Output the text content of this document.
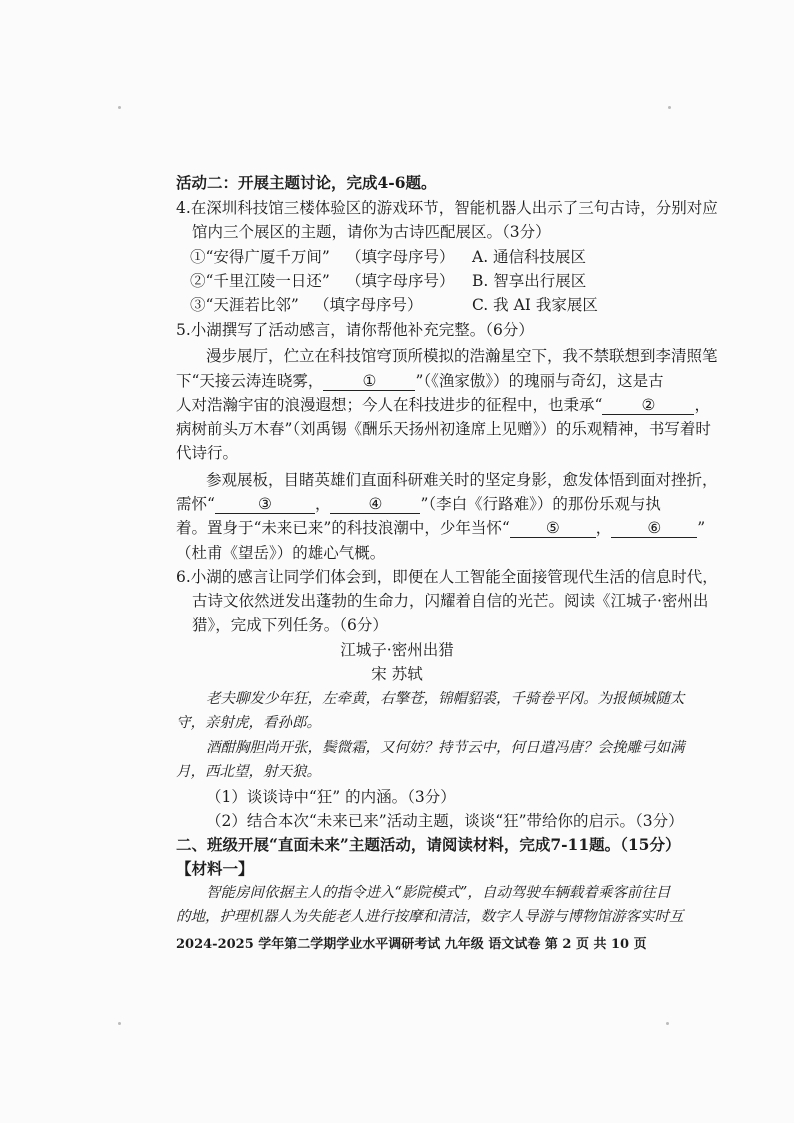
活动二：开展主题讨论，完成4-6题。
4.在深圳科技馆三楼体验区的游戏环节，智能机器人出示了三句古诗，分别对应
馆内三个展区的主题，请你为古诗匹配展区。（3分）
①“安得广厦千万间” （填字母序号） A. 通信科技展区
②“千里江陵一日还” （填字母序号） B. 智享出行展区
③“天涯若比邻” （填字母序号）	C. 我 AI 我家展区
5.小湖撰写了活动感言，请你帮他补充完整。（6分）
漫步展厅，伫立在科技馆穹顶所模拟的浩瀚星空下，我不禁联想到李清照笔
下“天接云涛连晓雾，	①	”（《渔家傲》）的瑰丽与奇幻，这是古
人对浩瀚宇宙的浪漫遐想；今人在科技进步的征程中，也秉承“	②	，
病树前头万木春”（刘禹锡《酬乐天扬州初逢席上见赠》）的乐观精神，书写着时
代诗行。
参观展板，目睹英雄们直面科研难关时的坚定身影，愈发体悟到面对挫折，
需怀“	③	， ④ ”（李白《行路难》）的那份乐观与执
着。置身于“未来已来”的科技浪潮中，少年当怀“ ⑤ ， ⑥ ”
（杜甫《望岳》）的雄心气概。
6.小湖的感言让同学们体会到，即便在人工智能全面接管现代生活的信息时代，
古诗文依然迸发出蓬勃的生命力，闪耀着自信的光芒。阅读《江城子·密州出
猎》，完成下列任务。（6分）
江城子·密州出猎
宋 苏轼
老夫聊发少年狂，左牵黄，右擎苍，锦帽貂裘，千骑卷平冈。为报倾城随太
守，亲射虎，看孙郎。
酒酣胸胆尚开张，鬓微霜，又何妨？持节云中，何日遣冯唐？会挽雕弓如满
月，西北望，射天狼。
（1）谈谈诗中“狂” 的内涵。（3分）
（2）结合本次“未来已来”活动主题，谈谈“狂”带给你的启示。（3分）
二、班级开展“直面未来”主题活动，请阅读材料，完成7-11题。（15分）
【材料一】
智能房间依据主人的指令进入“影院模式”，自动驾驶车辆载着乘客前往目
的地，护理机器人为失能老人进行按摩和清洁，数字人导游与博物馆游客实时互
2024-2025 学年第二学期学业水平调研考试 九年级 语文试卷 第 2 页 共 10 页
